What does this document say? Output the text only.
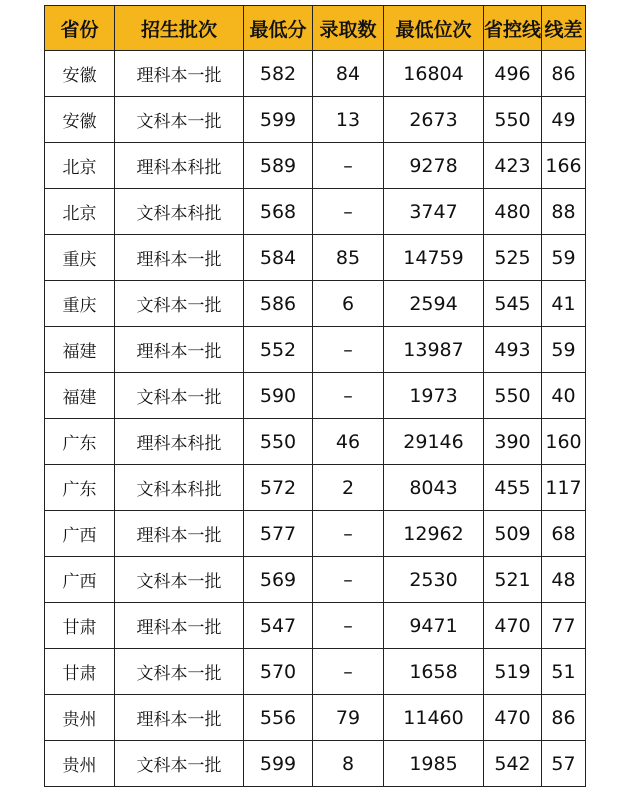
省份	招生批次	最低分	录取数	最低位次	省控线	线差
安徽	理科本一批	582	84	16804	496	86
安徽	文科本一批	599	13	2673	550	49
北京	理科本科批	589	–	9278	423	166
北京	文科本科批	568	–	3747	480	88
重庆	理科本一批	584	85	14759	525	59
重庆	文科本一批	586	6	2594	545	41
福建	理科本一批	552	–	13987	493	59
福建	文科本一批	590	–	1973	550	40
广东	理科本科批	550	46	29146	390	160
广东	文科本科批	572	2	8043	455	117
广西	理科本一批	577	–	12962	509	68
广西	文科本一批	569	–	2530	521	48
甘肃	理科本一批	547	–	9471	470	77
甘肃	文科本一批	570	–	1658	519	51
贵州	理科本一批	556	79	11460	470	86
贵州	文科本一批	599	8	1985	542	57
